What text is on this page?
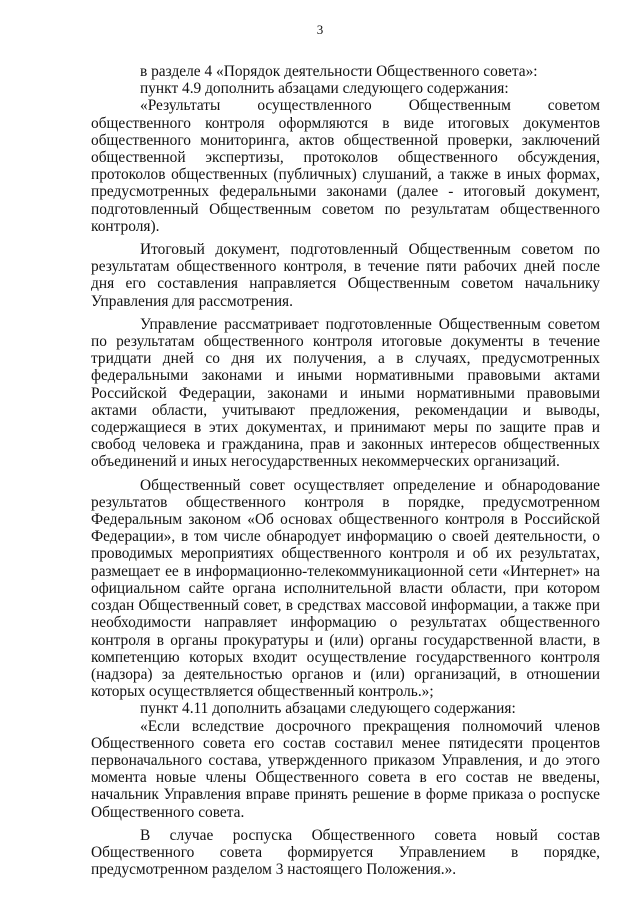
3

в разделе 4 «Порядок деятельности Общественного совета»:

пункт 4.9 дополнить абзацами следующего содержания:

«Результаты осуществленного Общественным советом общественного контроля оформляются в виде итоговых документов общественного мониторинга, актов общественной проверки, заключений общественной экспертизы, протоколов общественного обсуждения, протоколов общественных (публичных) слушаний, а также в иных формах, предусмотренных федеральными законами (далее - итоговый документ, подготовленный Общественным советом по результатам общественного контроля).

Итоговый документ, подготовленный Общественным советом по результатам общественного контроля, в течение пяти рабочих дней после дня его составления направляется Общественным советом начальнику Управления для рассмотрения.

Управление рассматривает подготовленные Общественным советом по результатам общественного контроля итоговые документы в течение тридцати дней со дня их получения, а в случаях, предусмотренных федеральными законами и иными нормативными правовыми актами Российской Федерации, законами и иными нормативными правовыми актами области, учитывают предложения, рекомендации и выводы, содержащиеся в этих документах, и принимают меры по защите прав и свобод человека и гражданина, прав и законных интересов общественных объединений и иных негосударственных некоммерческих организаций.

Общественный совет осуществляет определение и обнародование результатов общественного контроля в порядке, предусмотренном Федеральным законом «Об основах общественного контроля в Российской Федерации», в том числе обнародует информацию о своей деятельности, о проводимых мероприятиях общественного контроля и об их результатах, размещает ее в информационно-телекоммуникационной сети «Интернет» на официальном сайте органа исполнительной власти области, при котором создан Общественный совет, в средствах массовой информации, а также при необходимости направляет информацию о результатах общественного контроля в органы прокуратуры и (или) органы государственной власти, в компетенцию которых входит осуществление государственного контроля (надзора) за деятельностью органов и (или) организаций, в отношении которых осуществляется общественный контроль.»;

пункт 4.11 дополнить абзацами следующего содержания:

«Если вследствие досрочного прекращения полномочий членов Общественного совета его состав составил менее пятидесяти процентов первоначального состава, утвержденного приказом Управления, и до этого момента новые члены Общественного совета в его состав не введены, начальник Управления вправе принять решение в форме приказа о роспуске Общественного совета.

В случае роспуска Общественного совета новый состав Общественного совета формируется Управлением в порядке, предусмотренном разделом 3 настоящего Положения.».
